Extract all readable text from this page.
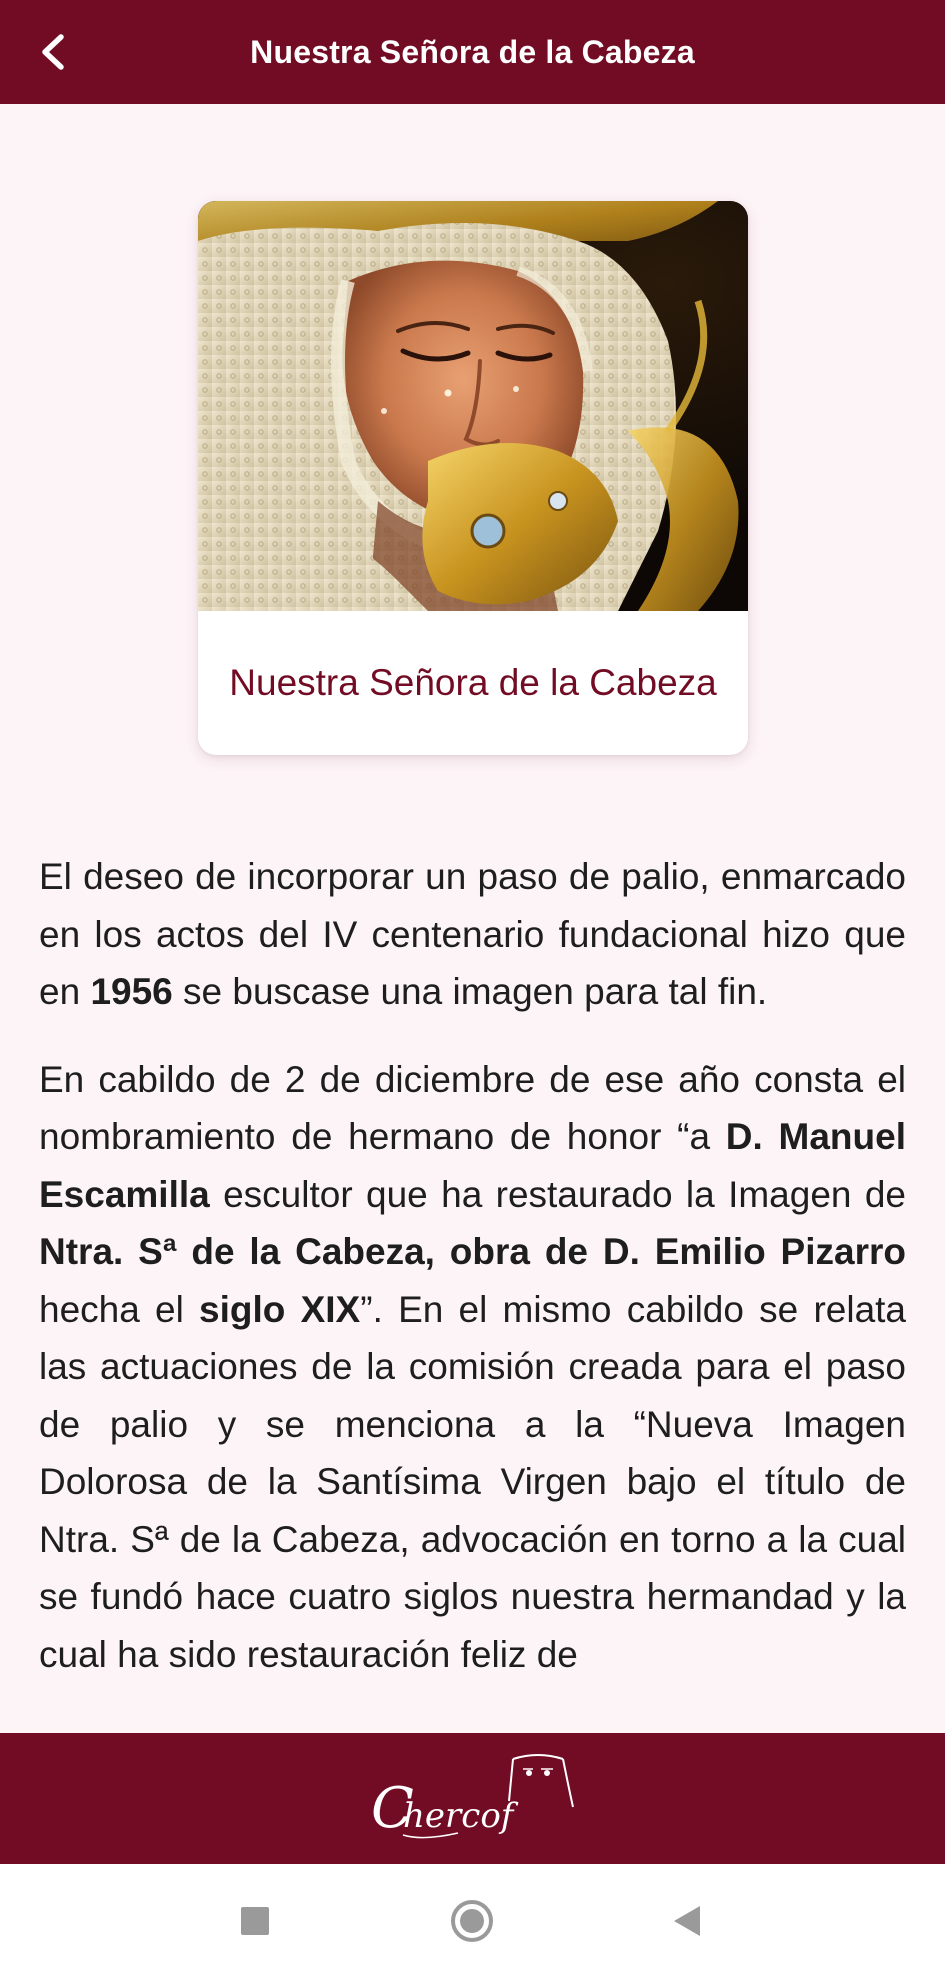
Nuestra Señora de la Cabeza
Nuestra Señora de la Cabeza

El deseo de incorporar un paso de palio, enmarcado en los actos del IV centenario fundacional hizo que en 1956 se buscase una imagen para tal fin.

En cabildo de 2 de diciembre de ese año consta el nombramiento de hermano de honor “a D. Manuel Escamilla escultor que ha restaurado la Imagen de Ntra. Sª de la Cabeza, obra de D. Emilio Pizarro hecha el siglo XIX”. En el mismo cabildo se relata las actuaciones de la comisión creada para el paso de palio y se menciona a la “Nueva Imagen Dolorosa de la Santísima Virgen bajo el título de Ntra. Sª de la Cabeza, advocación en torno a la cual se fundó hace cuatro siglos nuestra hermandad y la cual ha sido restauración feliz de

C
hercof
